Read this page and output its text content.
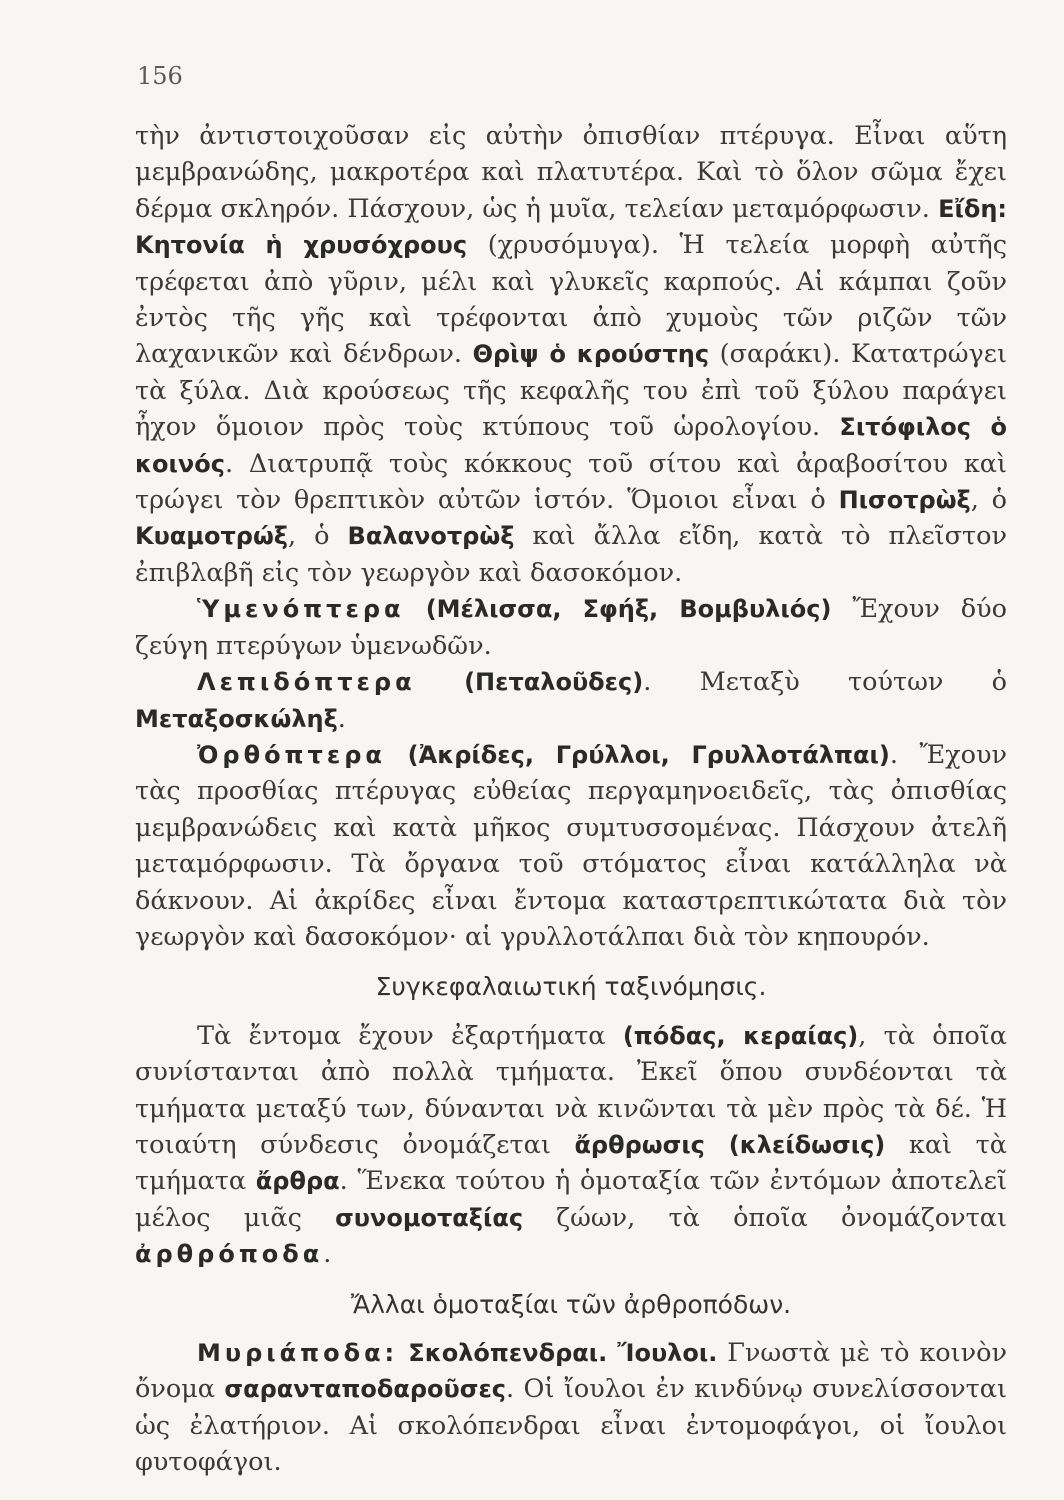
156

τὴν ἀντιστοιχοῦσαν εἰς αὐτὴν ὀπισθίαν πτέρυγα. Εἶναι αὕτη μεμβρανώδης, μακροτέρα καὶ πλατυτέρα. Καὶ τὸ ὅλον σῶμα ἔχει δέρμα σκληρόν. Πάσχουν, ὡς ἡ μυῖα, τελείαν μεταμόρφωσιν. Εἴδη: Κητονία ἡ χρυσόχρους (χρυσόμυγα). Ἡ τελεία μορφὴ αὐτῆς τρέφεται ἀπὸ γῦριν, μέλι καὶ γλυκεῖς καρπούς. Αἱ κάμπαι ζοῦν ἐντὸς τῆς γῆς καὶ τρέφονται ἀπὸ χυμοὺς τῶν ριζῶν τῶν λαχανικῶν καὶ δένδρων. Θρὶψ ὁ κρούστης (σαράκι). Κατατρώγει τὰ ξύλα. Διὰ κρούσεως τῆς κεφαλῆς του ἐπὶ τοῦ ξύλου παράγει ἦχον ὅμοιον πρὸς τοὺς κτύπους τοῦ ὡρολογίου. Σιτόφιλος ὁ κοινός. Διατρυπᾷ τοὺς κόκκους τοῦ σίτου καὶ ἀραβοσίτου καὶ τρώγει τὸν θρεπτικὸν αὐτῶν ἱστόν. Ὅμοιοι εἶναι ὁ Πισοτρὼξ, ὁ Κυαμοτρώξ, ὁ Βαλανοτρὼξ καὶ ἄλλα εἴδη, κατὰ τὸ πλεῖστον ἐπιβλαβῆ εἰς τὸν γεωργὸν καὶ δασοκόμον.

Ὑμενόπτερα (Μέλισσα, Σφήξ, Βομβυλιός) Ἔχουν δύο ζεύγη πτερύγων ὑμενωδῶν.

Λεπιδόπτερα (Πεταλοῦδες). Μεταξὺ τούτων ὁ Μεταξοσκώληξ.

Ὀρθόπτερα (Ἀκρίδες, Γρύλλοι, Γρυλλοτάλπαι). Ἔχουν τὰς προσθίας πτέρυγας εὐθείας περγαμηνοειδεῖς, τὰς ὀπισθίας μεμβρανώδεις καὶ κατὰ μῆκος συμτυσσομένας. Πάσχουν ἀτελῆ μεταμόρφωσιν. Τὰ ὄργανα τοῦ στόματος εἶναι κατάλληλα νὰ δάκνουν. Αἱ ἀκρίδες εἶναι ἔντομα καταστρεπτικώτατα διὰ τὸν γεωργὸν καὶ δασοκόμον· αἱ γρυλλοτάλπαι διὰ τὸν κηπουρόν.

Συγκεφαλαιωτική ταξινόμησις.

Τὰ ἔντομα ἔχουν ἐξαρτήματα (πόδας, κεραίας), τὰ ὁποῖα συνίστανται ἀπὸ πολλὰ τμήματα. Ἐκεῖ ὅπου συνδέονται τὰ τμήματα μεταξύ των, δύνανται νὰ κινῶνται τὰ μὲν πρὸς τὰ δέ. Ἡ τοιαύτη σύνδεσις ὀνομάζεται ἄρθρωσις (κλείδωσις) καὶ τὰ τμήματα ἄρθρα. Ἕνεκα τούτου ἡ ὁμοταξία τῶν ἐντόμων ἀποτελεῖ μέλος μιᾶς συνομοταξίας ζώων, τὰ ὁποῖα ὀνομάζονται ἀρθρόποδα.

Ἄλλαι ὁμοταξίαι τῶν ἀρθροπόδων.

Μυριάποδα: Σκολόπενδραι. Ἴουλοι. Γνωστὰ μὲ τὸ κοινὸν ὄνομα σαρανταποδαροῦσες. Οἱ ἴουλοι ἐν κινδύνῳ συνελίσσονται ὡς ἐλατήριον. Αἱ σκολόπενδραι εἶναι ἐντομοφάγοι, οἱ ἴουλοι φυτοφάγοι.
